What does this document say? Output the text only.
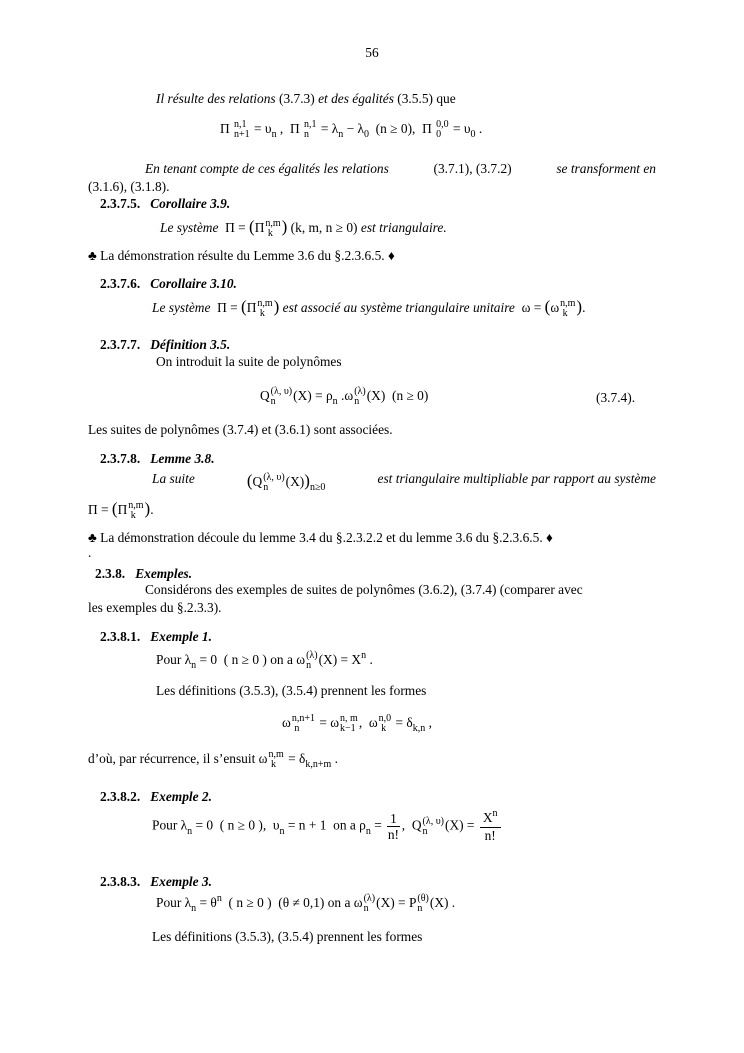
56
Il résulte des relations (3.7.3) et des égalités (3.5.5) que
Π n,1
$n+1 = \upsilon_n$ ,  Π n,1
$n = \lambda_n - \lambda_0$  (n ≥ 0),  Π 0,0
$0 = \upsilon_0$ .
En tenant compte de ces égalités les relations	(3.7.1), (3.7.2)	se transforment en
(3.1.6), (3.1.8).
2.3.7.5. Corollaire 3.9.
Le système  Π = (Π n,m
k ) (k, m, n ≥ 0) est triangulaire.
♣ La démonstration résulte du Lemme 3.6 du §.2.3.6.5. ♦
2.3.7.6. Corollaire 3.10.
Le système  Π = (Π n,m
k ) est associé au système triangulaire unitaire  ω = (ω n,m
k ).
2.3.7.7. Définition 3.5.
On introduit la suite de polynômes
Q (λ, υ)
n	$(X) = \rho_n$ .ω (λ)
n (X)  (n ≥ 0)	(3.7.4).
Les suites de polynômes (3.7.4) et (3.6.1) sont associées.
2.3.7.8. Lemme 3.8.
La suite	(Q (λ, υ)
n	$(X))_{n\ge 0}$
est triangulaire multipliable par rapport au système
Π = (Π n,m
k ).
♣ La démonstration découle du lemme 3.4 du §.2.3.2.2 et du lemme 3.6 du §.2.3.6.5. ♦
.
2.3.8. Exemples.
Considérons des exemples de suites de polynômes (3.6.2), (3.7.4) (comparer avec
les exemples du §.2.3.3).
2.3.8.1. Exemple 1.
Pour $\lambda_n = 0$  ( n ≥ 0 ) on a ω (λ)
n $(X) = X^n$ .
Les définitions (3.5.3), (3.5.4) prennent les formes
ω n,n+1
n	= ω n, m
k−1 ,  ω n,0
$k = \delta_{k,n}$ ,
d’où, par récurrence, il s’ensuit ω n,m
$k = \delta_{k,n+m}$ .
2.3.8.2. Exemple 2.
Pour $\lambda_n = 0$  ( n ≥ 0 ),  $\upsilon_n = n + 1$  on a $\rho_n = \frac{1}{n!}$ ,  Q (λ, υ)
n	$(X) = \frac{X^n}{n!}$
2.3.8.3. Exemple 3.
Pour $\lambda_n = \theta^n$  ( n ≥ 0 )  (θ ≠ 0,1) on a ω (λ)
n (X) = P (θ)
n (X) .
Les définitions (3.5.3), (3.5.4) prennent les formes
